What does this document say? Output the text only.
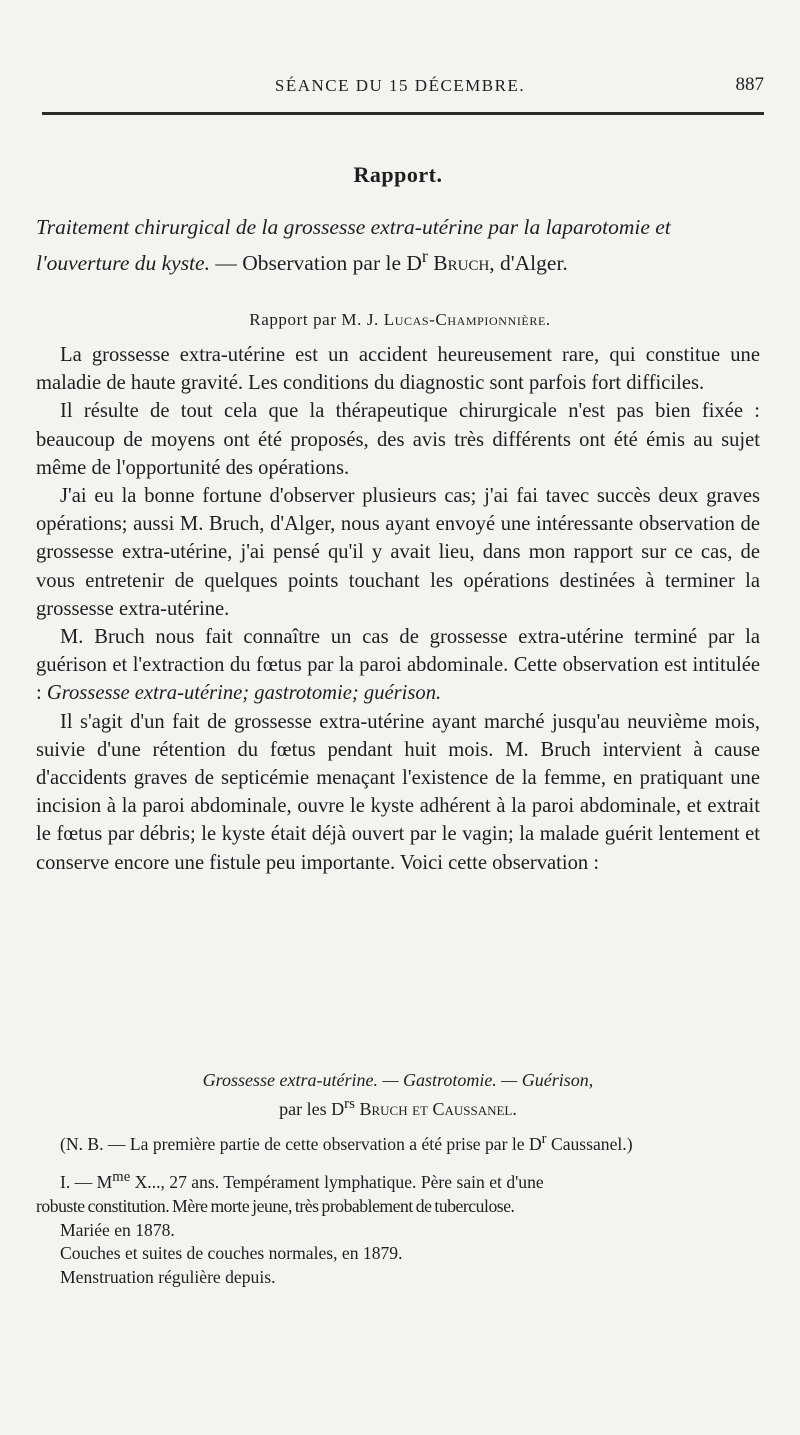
SÉANCE DU 15 DÉCEMBRE.	887
Rapport.

Traitement chirurgical de la grossesse extra-utérine par la laparotomie et l'ouverture du kyste. — Observation par le $D^r$ Bruch, d'Alger.

Rapport par M. J. Lucas-Championnière.

La grossesse extra-utérine est un accident heureusement rare, qui constitue une maladie de haute gravité. Les conditions du diagnostic sont parfois fort difficiles.

Il résulte de tout cela que la thérapeutique chirurgicale n'est pas bien fixée : beaucoup de moyens ont été proposés, des avis très différents ont été émis au sujet même de l'opportunité des opérations.

J'ai eu la bonne fortune d'observer plusieurs cas; j'ai fai tavec succès deux graves opérations; aussi M. Bruch, d'Alger, nous ayant envoyé une intéressante observation de grossesse extra-utérine, j'ai pensé qu'il y avait lieu, dans mon rapport sur ce cas, de vous entretenir de quelques points touchant les opérations destinées à terminer la grossesse extra-utérine.

M. Bruch nous fait connaître un cas de grossesse extra-utérine terminé par la guérison et l'extraction du fœtus par la paroi abdominale. Cette observation est intitulée : Grossesse extra-utérine; gastrotomie; guérison.

Il s'agit d'un fait de grossesse extra-utérine ayant marché jusqu'au neuvième mois, suivie d'une rétention du fœtus pendant huit mois. M. Bruch intervient à cause d'accidents graves de septicémie menaçant l'existence de la femme, en pratiquant une incision à la paroi abdominale, ouvre le kyste adhérent à la paroi abdominale, et extrait le fœtus par débris; le kyste était déjà ouvert par le vagin; la malade guérit lentement et conserve encore une fistule peu importante. Voici cette observation :

Grossesse extra-utérine. — Gastrotomie. — Guérison,
par les $D^{rs}$ Bruch et Caussanel.

(N. B. — La première partie de cette observation a été prise par le $D^r$ Caussanel.)

I. — $M^{me}$ X..., 27 ans. Tempérament lymphatique. Père sain et d'une

robuste constitution. Mère morte jeune, très probablement de tuberculose.

Mariée en 1878.

Couches et suites de couches normales, en 1879.

Menstruation régulière depuis.
